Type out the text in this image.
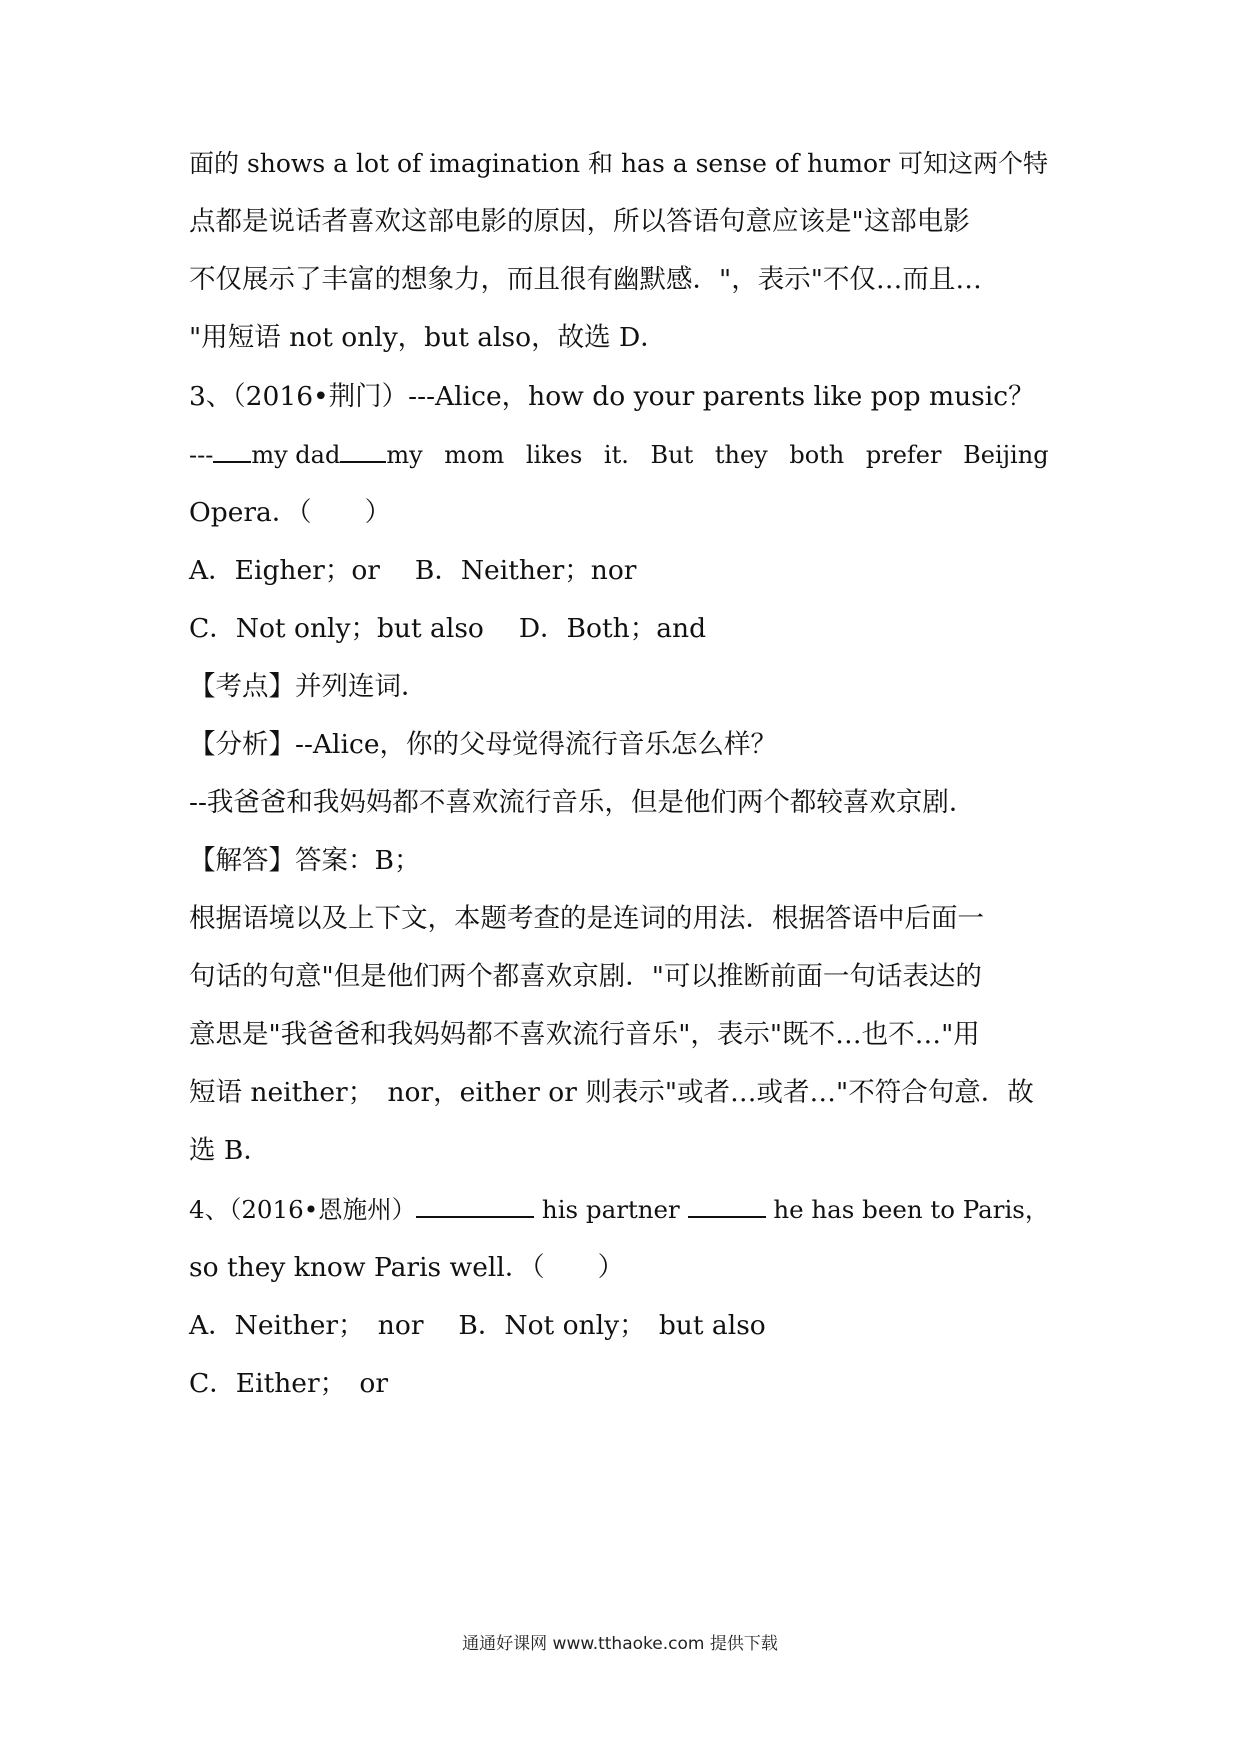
面的 shows a lot of imagination 和 has a sense of humor 可知这两个特
点都是说话者喜欢这部电影的原因，所以答语句意应该是"这部电影
不仅展示了丰富的想象力，而且很有幽默感．"，表示"不仅…而且…
"用短语 not only，but also，故选 D．
3、（2016•荆门）---Alice，how do your parents like pop music？
--- my dad my mom likes it. But they both prefer Beijing
Opera．（　　）
A．Eigher；or　 B．Neither；nor
C．Not only；but also　 D．Both；and
【考点】并列连词．
【分析】--Alice，你的父母觉得流行音乐怎么样？
--我爸爸和我妈妈都不喜欢流行音乐，但是他们两个都较喜欢京剧．
【解答】答案：B；
根据语境以及上下文，本题考查的是连词的用法．根据答语中后面一
句话的句意"但是他们两个都喜欢京剧．"可以推断前面一句话表达的
意思是"我爸爸和我妈妈都不喜欢流行音乐"，表示"既不…也不…"用
短语 neither；　nor，either or 则表示"或者…或者…"不符合句意．故
选 B．
4、（2016•恩施州）	his partner	he has been to Paris，
so they know Paris well．（　　）
A．Neither；　nor　 B．Not only；　but also
C．Either；　or
通通好课网 www.tthaoke.com 提供下载
